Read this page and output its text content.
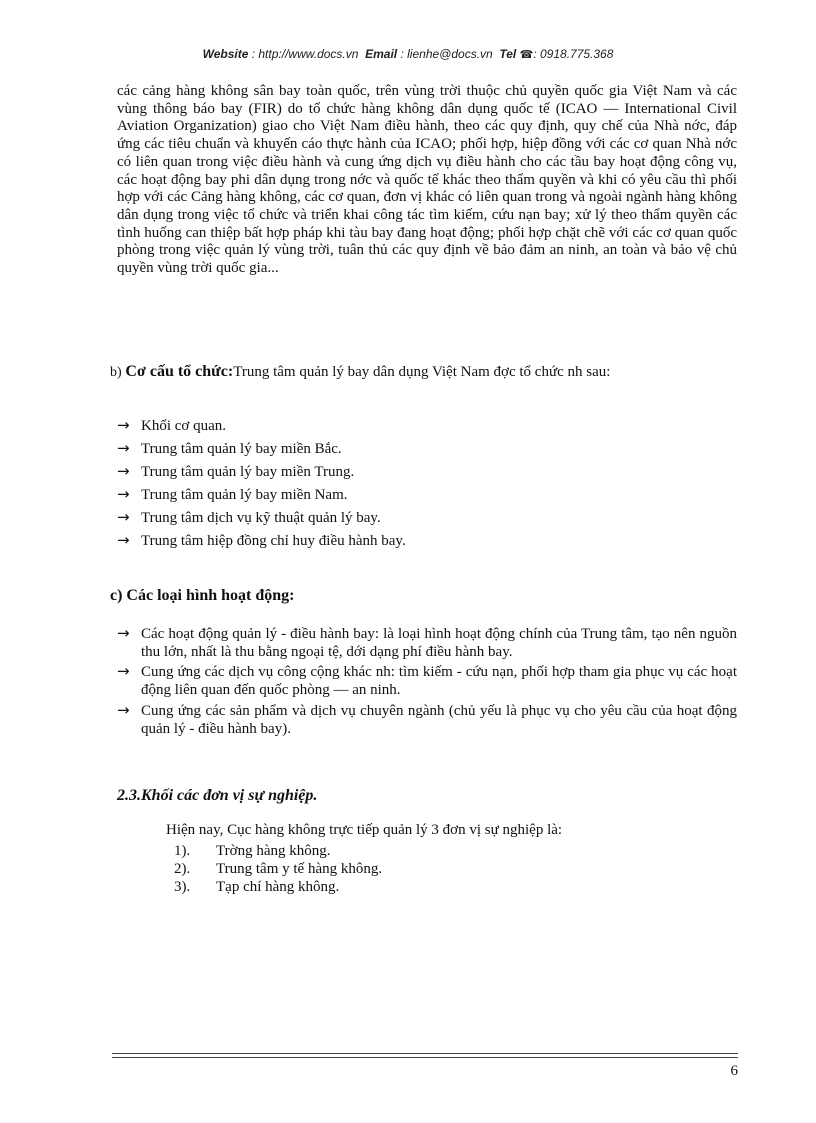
Website : http://www.docs.vn Email : lienhe@docs.vn Tel ☎: 0918.775.368
các cảng hàng không sân bay toàn quốc, trên vùng trời thuộc chủ quyền quốc gia Việt Nam và các vùng thông báo bay (FIR) do tổ chức hàng không dân dụng quốc tế (ICAO — International Civil Aviation Organization) giao cho Việt Nam điều hành, theo các quy định, quy chế của Nhà nớc, đáp ứng các tiêu chuẩn và khuyến cáo thực hành của ICAO; phối hợp, hiệp đồng với các cơ quan Nhà nớc có liên quan trong việc điều hành và cung ứng dịch vụ điều hành cho các tầu bay hoạt động công vụ, các hoạt động bay phi dân dụng trong nớc và quốc tế khác theo thẩm quyền và khi có yêu cầu thì phối hợp với các Cảng hàng không, các cơ quan, đơn vị khác có liên quan trong và ngoài ngành hàng không dân dụng trong việc tổ chức và triển khai công tác tìm kiếm, cứu nạn bay; xử lý theo thẩm quyền các tình huống can thiệp bất hợp pháp khi tàu bay đang hoạt động; phối hợp chặt chẽ với các cơ quan quốc phòng trong việc quản lý vùng trời, tuân thủ các quy định về bảo đảm an ninh, an toàn và bảo vệ chủ quyền vùng trời quốc gia...
b) Cơ cấu tổ chức:Trung tâm quản lý bay dân dụng Việt Nam đợc tổ chức nh sau:
→ Khối cơ quan.
→ Trung tâm quản lý bay miền Bắc.
→ Trung tâm quản lý bay miền Trung.
→ Trung tâm quản lý bay miền Nam.
→ Trung tâm dịch vụ kỹ thuật quản lý bay.
→ Trung tâm hiệp đồng chỉ huy điều hành bay.
c) Các loại hình hoạt động:
→ Các hoạt động quản lý - điều hành bay: là loại hình hoạt động chính của Trung tâm, tạo nên nguồn thu lớn, nhất là thu bằng ngoại tệ, dới dạng phí điều hành bay.
→ Cung ứng các dịch vụ công cộng khác nh: tìm kiếm - cứu nạn, phối hợp tham gia phục vụ các hoạt động liên quan đến quốc phòng — an ninh.
→ Cung ứng các sản phẩm và dịch vụ chuyên ngành (chủ yếu là phục vụ cho yêu cầu của hoạt động quản lý - điều hành bay).
2.3.Khối các đơn vị sự nghiệp.
Hiện nay, Cục hàng không trực tiếp quản lý 3 đơn vị sự nghiệp là:
1).	Trờng hàng không.
2).	Trung tâm y tế hàng không.
3).	Tạp chí hàng không.
6
